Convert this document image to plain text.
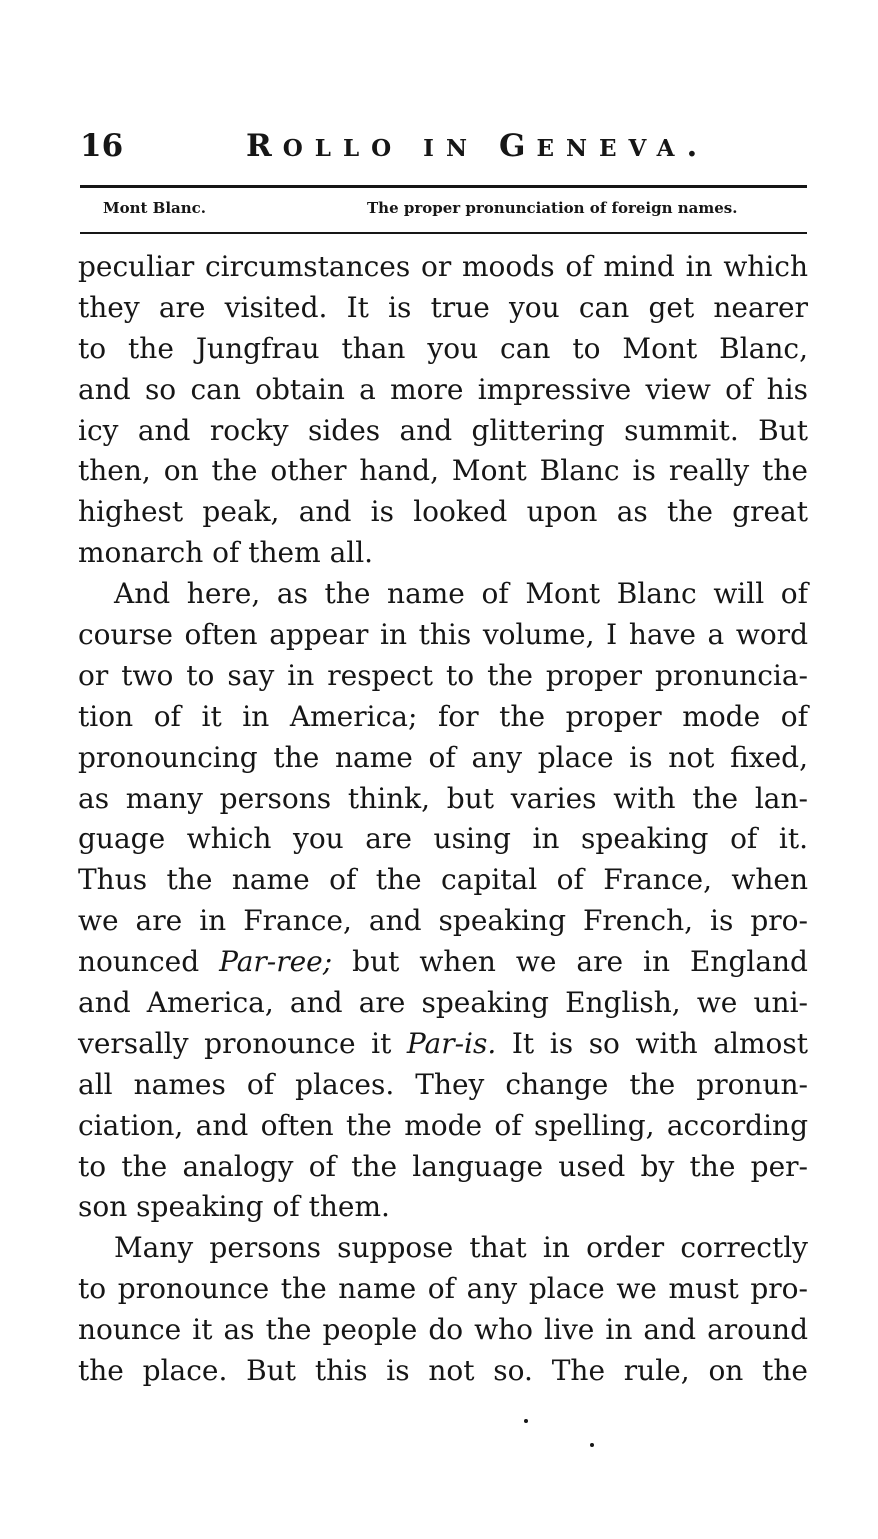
16	ROLLO IN GENEVA.
Mont Blanc.	The proper pronunciation of foreign names.
peculiar circumstances or moods of mind in which
they are visited. It is true you can get nearer
to the Jungfrau than you can to Mont Blanc,
and so can obtain a more impressive view of his
icy and rocky sides and glittering summit. But
then, on the other hand, Mont Blanc is really the
highest peak, and is looked upon as the great
monarch of them all.
And here, as the name of Mont Blanc will of
course often appear in this volume, I have a word
or two to say in respect to the proper pronuncia-
tion of it in America; for the proper mode of
pronouncing the name of any place is not fixed,
as many persons think, but varies with the lan-
guage which you are using in speaking of it.
Thus the name of the capital of France, when
we are in France, and speaking French, is pro-
nounced Par-ree; but when we are in England
and America, and are speaking English, we uni-
versally pronounce it Par-is. It is so with almost
all names of places. They change the pronun-
ciation, and often the mode of spelling, according
to the analogy of the language used by the per-
son speaking of them.
Many persons suppose that in order correctly
to pronounce the name of any place we must pro-
nounce it as the people do who live in and around
the place. But this is not so. The rule, on the
